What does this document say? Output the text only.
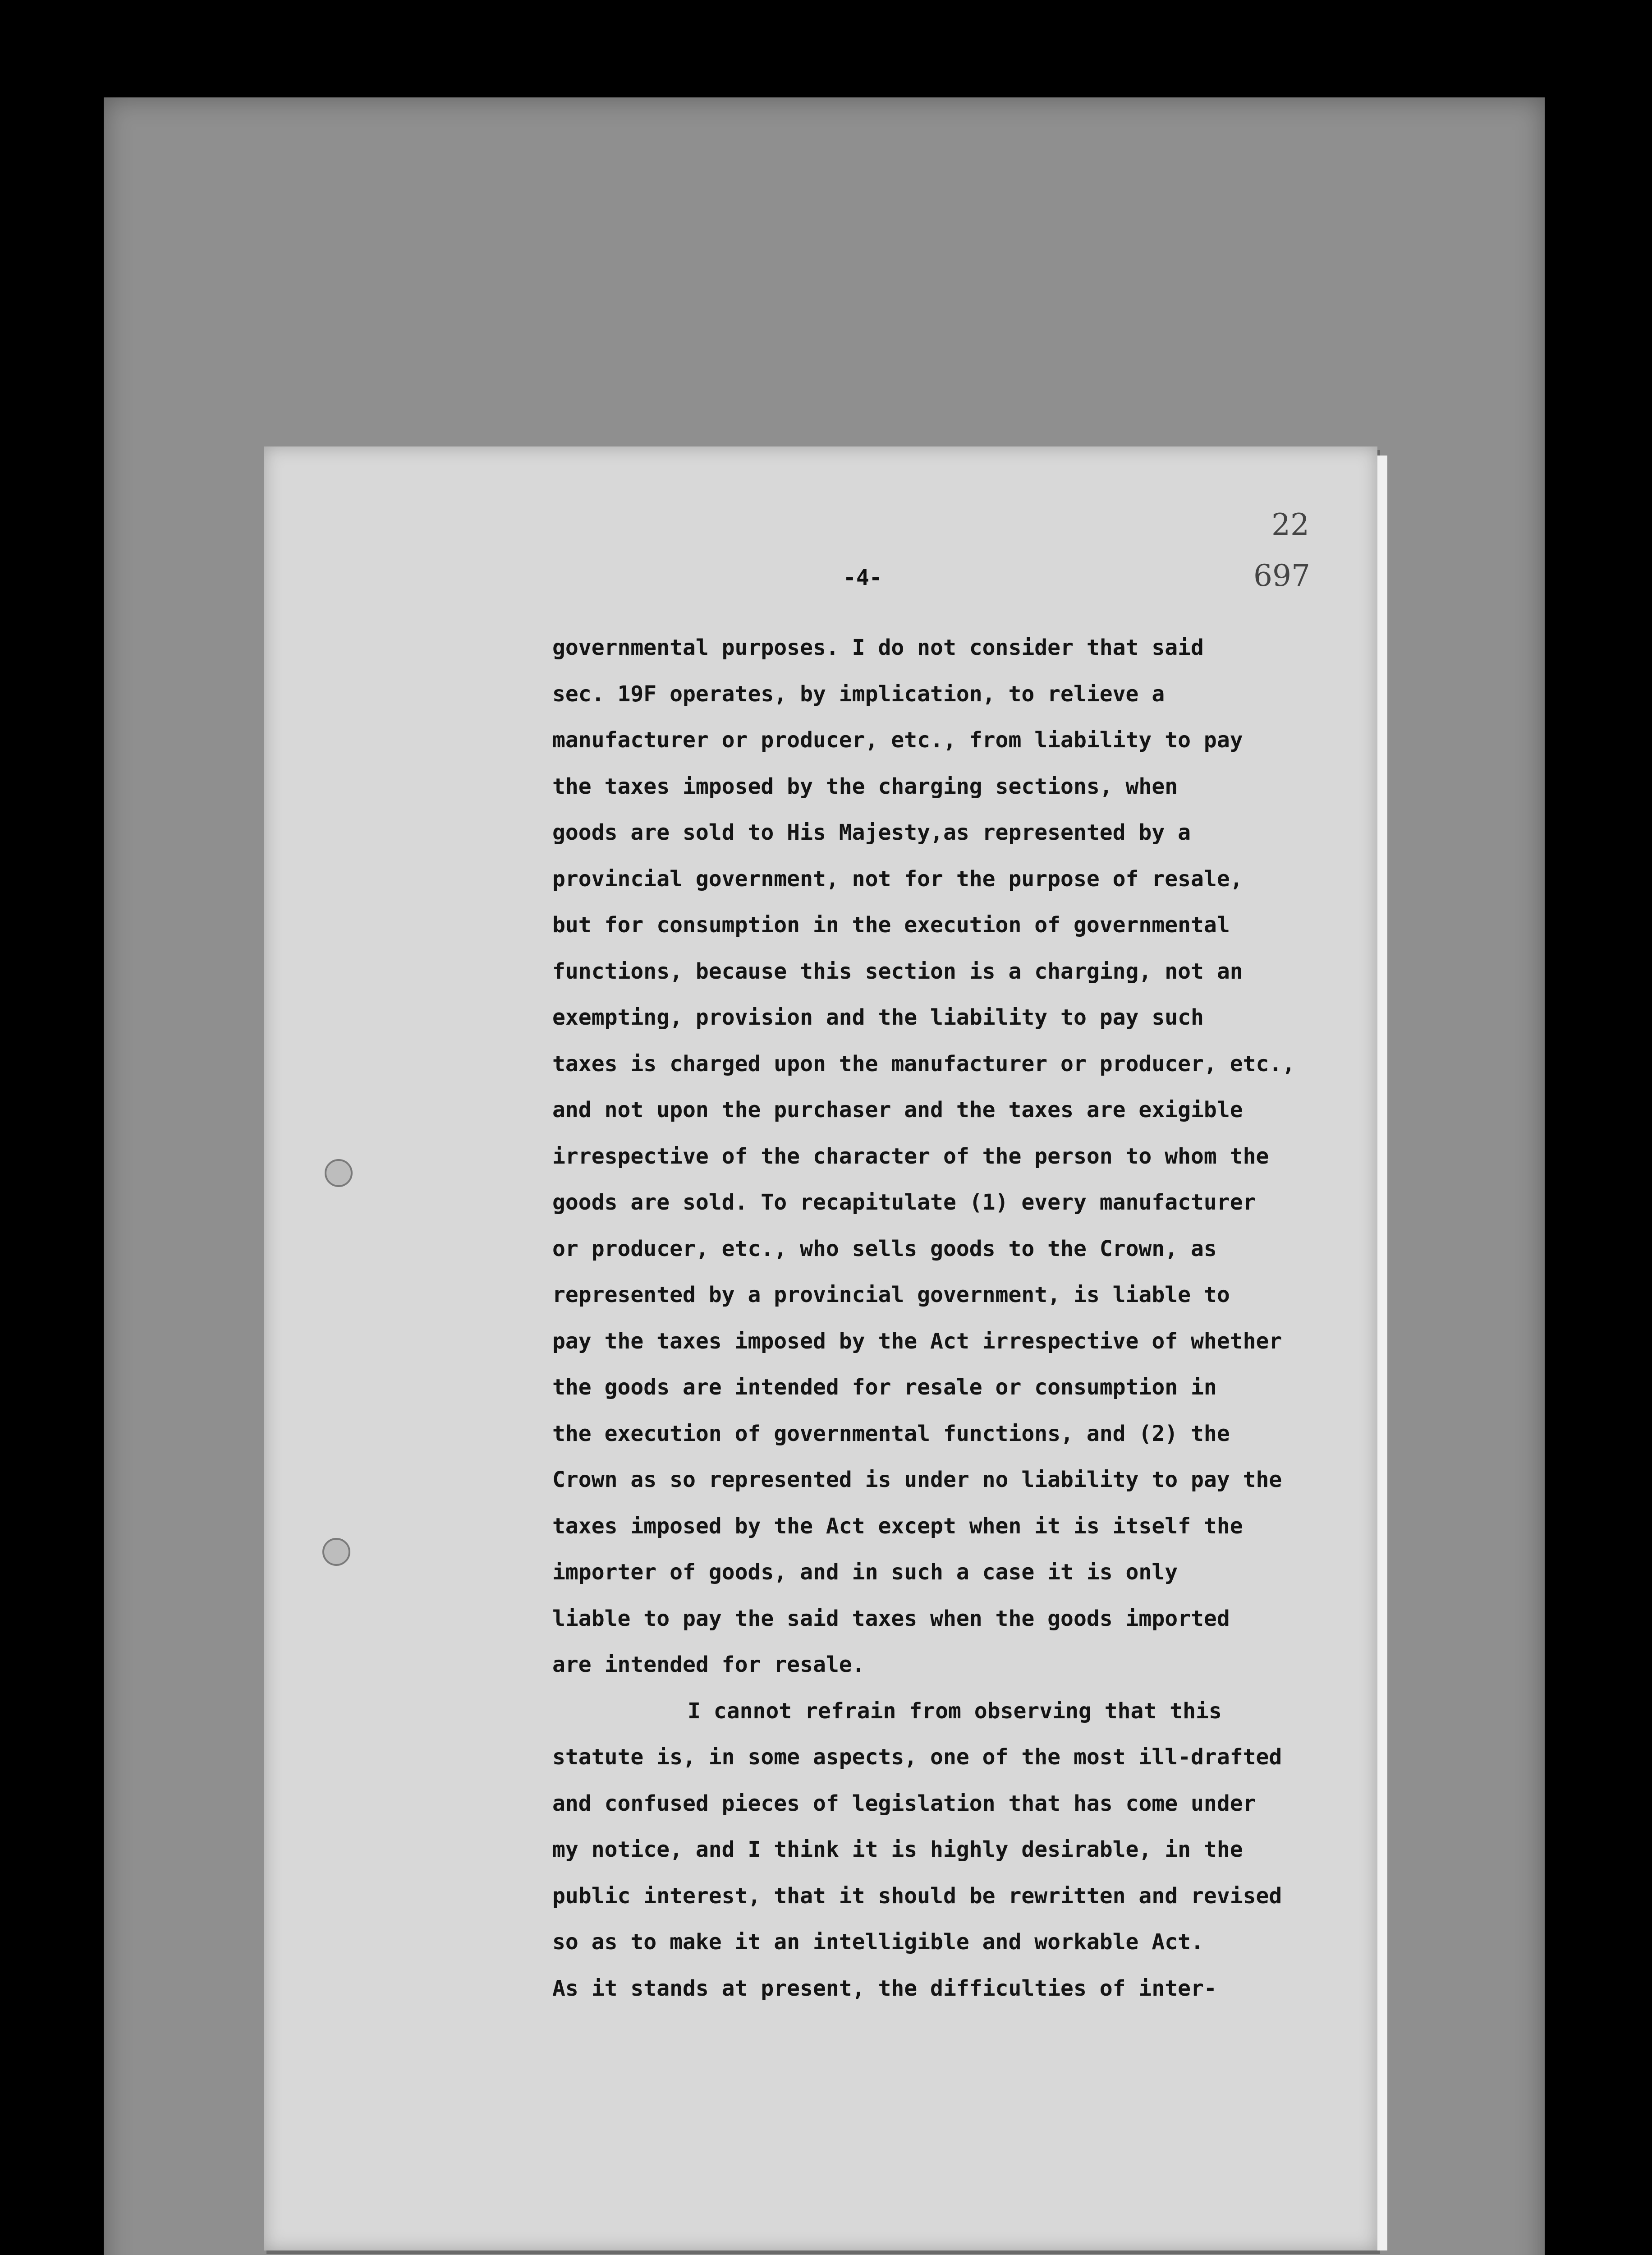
22
697
-4-
governmental purposes. I do not consider that said
sec. 19F operates, by implication, to relieve a
manufacturer or producer, etc., from liability to pay
the taxes imposed by the charging sections, when
goods are sold to His Majesty,as represented by a
provincial government, not for the purpose of resale,
but for consumption in the execution of governmental
functions, because this section is a charging, not an
exempting, provision and the liability to pay such
taxes is charged upon the manufacturer or producer, etc.,
and not upon the purchaser and the taxes are exigible
irrespective of the character of the person to whom the
goods are sold. To recapitulate (1) every manufacturer
or producer, etc., who sells goods to the Crown, as
represented by a provincial government, is liable to
pay the taxes imposed by the Act irrespective of whether
the goods are intended for resale or consumption in
the execution of governmental functions, and (2) the
Crown as so represented is under no liability to pay the
taxes imposed by the Act except when it is itself the
importer of goods, and in such a case it is only
liable to pay the said taxes when the goods imported
are intended for resale.
I cannot refrain from observing that this
statute is, in some aspects, one of the most ill-drafted
and confused pieces of legislation that has come under
my notice, and I think it is highly desirable, in the
public interest, that it should be rewritten and revised
so as to make it an intelligible and workable Act.
As it stands at present, the difficulties of inter-
